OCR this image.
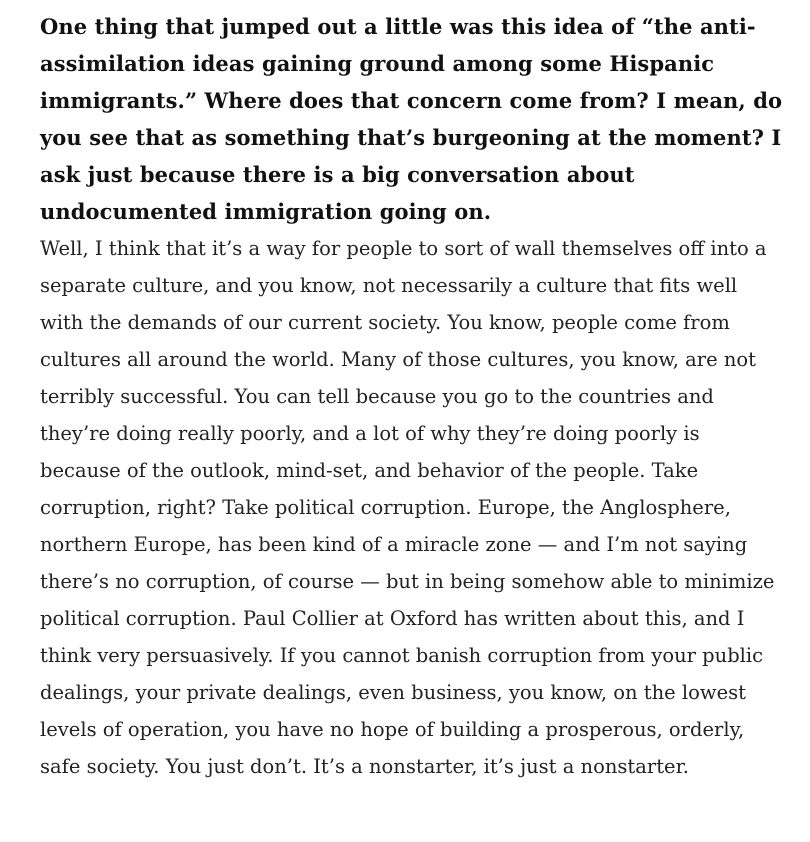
One thing that jumped out a little was this idea of “the anti-assimilation ideas gaining ground among some Hispanic immigrants.” Where does that concern come from? I mean, do you see that as something that’s burgeoning at the moment? I ask just because there is a big conversation about undocumented immigration going on.

Well, I think that it’s a way for people to sort of wall themselves off into a separate culture, and you know, not necessarily a culture that fits well with the demands of our current society. You know, people come from cultures all around the world. Many of those cultures, you know, are not terribly successful. You can tell because you go to the countries and they’re doing really poorly, and a lot of why they’re doing poorly is because of the outlook, mind-set, and behavior of the people. Take corruption, right? Take political corruption. Europe, the Anglosphere, northern Europe, has been kind of a miracle zone — and I’m not saying there’s no corruption, of course — but in being somehow able to minimize political corruption. Paul Collier at Oxford has written about this, and I think very persuasively. If you cannot banish corruption from your public dealings, your private dealings, even business, you know, on the lowest levels of operation, you have no hope of building a prosperous, orderly, safe society. You just don’t. It’s a nonstarter, it’s just a nonstarter.
